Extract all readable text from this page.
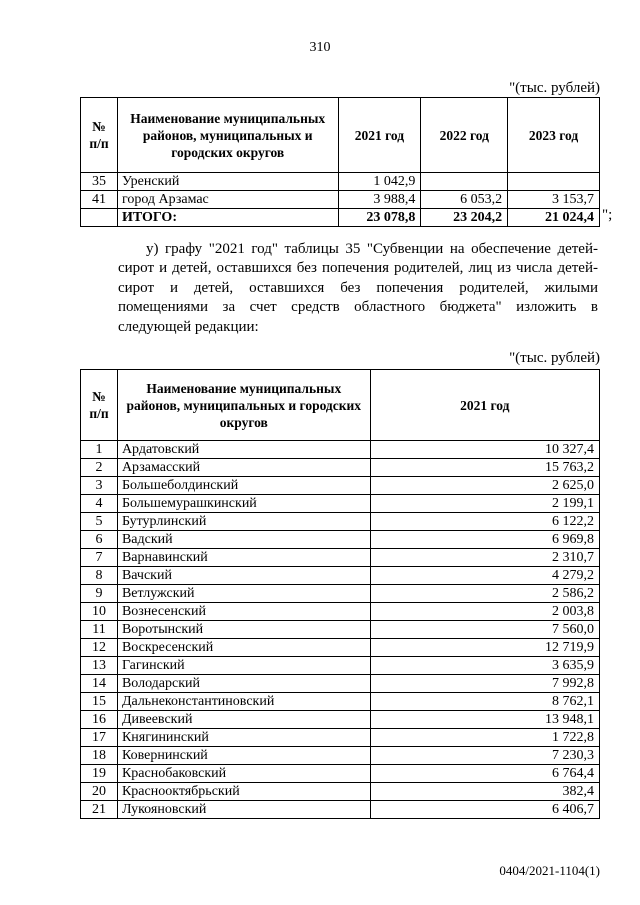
310
"(тыс. рублей)
№ п/п	Наименование муниципальных районов, муниципальных и городских округов	2021 год	2022 год	2023 год
35	Уренский	1 042,9		
41	город Арзамас	3 988,4	6 053,2	3 153,7
	ИТОГО:	23 078,8	23 204,2	21 024,4 ";
у) графу "2021 год" таблицы 35 "Субвенции на обеспечение детей-сирот и детей, оставшихся без попечения родителей, лиц из числа детей-сирот и детей, оставшихся без попечения родителей, жилыми помещениями за счет средств областного бюджета" изложить в следующей редакции:
"(тыс. рублей)
№ п/п	Наименование муниципальных районов, муниципальных и городских округов	2021 год
1	Ардатовский	10 327,4
2	Арзамасский	15 763,2
3	Большеболдинский	2 625,0
4	Большемурашкинский	2 199,1
5	Бутурлинский	6 122,2
6	Вадский	6 969,8
7	Варнавинский	2 310,7
8	Вачский	4 279,2
9	Ветлужский	2 586,2
10	Вознесенский	2 003,8
11	Воротынский	7 560,0
12	Воскресенский	12 719,9
13	Гагинский	3 635,9
14	Володарский	7 992,8
15	Дальнеконстантиновский	8 762,1
16	Дивеевский	13 948,1
17	Княгининский	1 722,8
18	Ковернинский	7 230,3
19	Краснобаковский	6 764,4
20	Краснооктябрьский	382,4
21	Лукояновский	6 406,7
0404/2021-1104(1)
